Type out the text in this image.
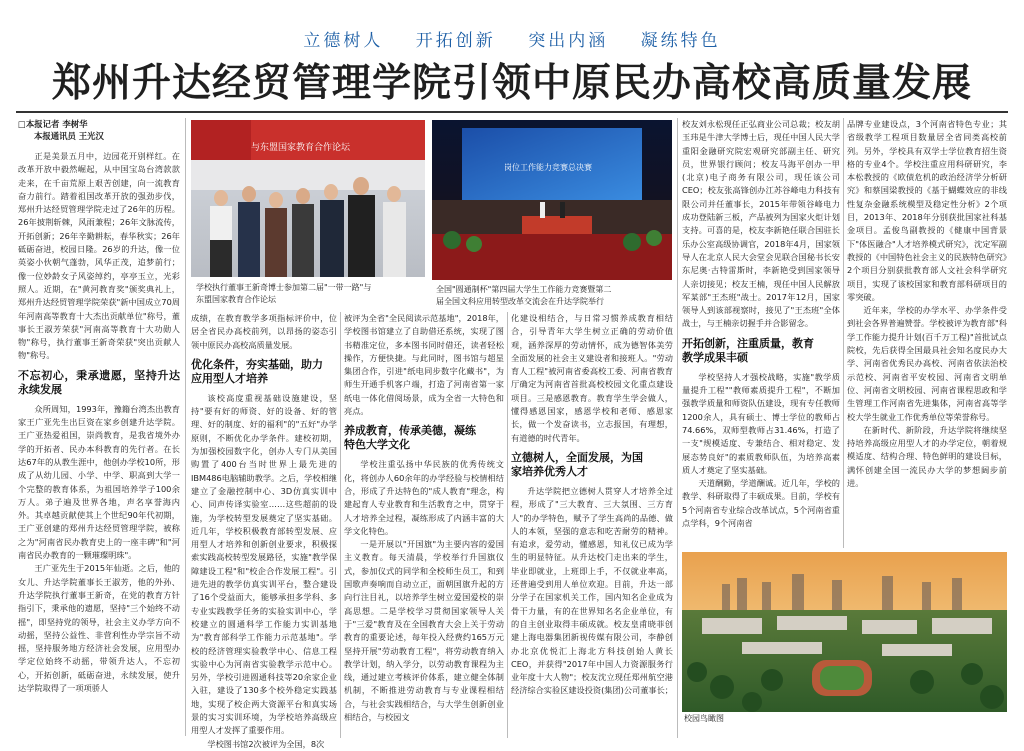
立德树人 开拓创新 突出内涵 凝练特色
郑州升达经贸管理学院引领中原民办高校高质量发展
□本报记者 李树华
本报通讯员 王光汉

正是美景五月中，边园花开别样红。在改革开放中毅然崛起，从中国宝岛台湾款款走来，在千亩荒原上艰苦创建，向一流教育奋力前行。踏着祖国改革开放的强劲步伐，郑州升达经贸管理学院走过了26年的历程。26年披荆斩棘，风雨兼程；26年文脉流传，开拓创新；26年辛勤耕耘，春华秋实；26年砥砺奋进，校园日隆。26岁的升达，像一位英姿小伙朝气蓬勃，风华正茂，追梦前行；像一位妙龄女子风姿绰约，亭亭玉立，光彩照人。近期，在"黄河教育奖"颁奖典礼上，郑州升达经贸管理学院荣获"新中国成立70周年河南高等教育十大杰出贡献单位"称号，董事长王淑芳荣获"河南高等教育十大功勋人物"称号，执行董事王新奇荣获"突出贡献人物"称号。

不忘初心，秉承遗愿，坚持升达永续发展

众所周知，1993年，豫籍台湾杰出教育家王广亚先生出巨资在家乡创建升达学院。王广亚热爱祖国，崇尚教育，是我省境外办学的开拓者、民办本科教育的先行者。在长达67年的从教生涯中，他创办学校10所，形成了从幼儿园、小学、中学、职高到大学一个完整的教育体系，为祖国培养学子100余万人。弟子遍及世界各地，声名享誉海内外。其卓越贡献使其上个世纪90年代初期，王广亚创建的郑州升达经贸管理学院，被称之为"河南省民办教育史上的一座丰碑"和"河南省民办教育的一颗璀璨明珠"。

王广亚先生于2015年仙逝。之后，他的女儿、升达学院董事长王淑芳，他的外孙、升达学院执行董事王新奇，在党的教育方针指引下，秉承他的遗愿，坚持"三个始终不动摇"，即坚持党的领导，社会主义办学方向不动摇，坚持公益性、非营利性办学宗旨不动摇，坚持服务地方经济社会发展，应用型办学定位始终不动摇，带领升达人，不忘初心，开拓创新，砥砺奋进，永续发展，使升达学院取得了一项项骄人

与东盟国家教育合作论坛
学校执行董事王新奇博士参加第二届"一带一路"与
东盟国家教育合作论坛
岗位工作能力竞赛总决赛
全国"圆通制杯"第四届大学生工作能力竞赛暨第二
届全国文科应用转型改革交流会在升达学院举行

成绩，在教育教学多项指标评价中，位居全省民办高校前列，以昂扬的姿态引领中原民办高校高质量发展。

优化条件，夯实基础，助力
应用型人才培养

该校高度重视基础设施建设，坚持"要有好的师资、好的设备、好的管理、好的制度、好的福利"的"五好"办学原则，不断优化办学条件。建校初期，为加强校园数字化，创办人专门从美国购置了400台当时世界上最先进的IBM486电脑辅助教学。之后，学校相继建立了金融控制中心、3D仿真实训中心、同声传译实验室……这些超前的设施，为学校转型发展奠定了坚实基础。近几年，学校积极教育部转型发展、应用型人才培养和创新创业要求，积极探索实践高校转型发展路径，实施"教学保障建设工程"和"校企合作发展工程"。引进先进的教学仿真实训平台，整合建设了16个受益面大，能够承担多学科、多专业实践教学任务的实验实训中心，学校建立的圆通科学工作能力实训基地为"教育部科学工作能力示范基地"。学校的经济管理实验教学中心、信息工程实验中心为河南省实验教学示范中心。另外，学校引进圆通科技等20余家企业入驻，建设了130多个校外稳定实践基地，实现了校企两大资源平台和真实场景的实习实训环境，为学校培养高级应用型人才发挥了重要作用。

学校图书馆2次被评为全国，8次

被评为全省"全民阅读示范基地"，2018年，学校图书馆建立了自助借还系统，实现了图书精准定位，多本图书同时借还，读者轻松操作，方便快捷。与此同时，图书馆与超星集团合作，引进"纸电同步数字化藏书"，为师生开通手机客户端，打造了河南省第一家纸电一体化借阅场景，成为全省一大特色和亮点。

养成教育，传承美德，凝练
特色大学文化

学校注重弘扬中华民族的优秀传统文化，将创办人60余年的办学经验与校情相结合，形成了升达特色的"成人教育"理念，构建起育人专业教育和生活教育之中，贯穿于人才培养全过程，凝练形成了内涵丰富的大学文化特色。

一是开展以"开国旗"为主要内容的爱国主义教育。每天清晨，学校举行升国旗仪式，参加仪式的同学和全校师生员工，和到国歌声奏响而自动立正，面朝国旗升起的方向行注目礼，以培养学生树立爱国爱校的崇高思想。二是学校学习贯彻国家领导人关于"三爱"教育及在全国教育大会上关于劳动教育的重要论述，每年投入经费约165万元坚持开展"劳动教育工程"，将劳动教育纳入教学计划，纳入学分，以劳动教育课程为主线，通过建立考核评价体系，建立健全体制机制，不断推进劳动教育与专业课程相结合，与社会实践相结合，与大学生创新创业相结合，与校园文

化建设相结合，与日常习惯养成教育相结合，引导青年大学生树立正确的劳动价值观，涵养深厚的劳动情怀，成为德智体美劳全面发展的社会主义建设者和接班人。"劳动育人工程"被河南省委高校工委、河南省教育厅确定为河南省首批高校校园文化重点建设项目。三是感恩教育。教育学生学会做人，懂得感恩国家，感恩学校和老师、感恩家长，做一个发奋读书，立志报国，有理想，有道德的时代青年。

立德树人，全面发展，为国
家培养优秀人才

升达学院把立德树人贯穿人才培养全过程，形成了"三大教育、三大氛围、三方育人"的办学特色，赋予了学生高尚的品德、做人的本领，坚强的意志和吃苦耐劳的精神。有追求，爱劳动，懂感恩，知礼仪已成为学生的明显特征。从升达校门走出来的学生，毕业即就业，上班即上手，不仅就业率高，还普遍受到用人单位欢迎。目前，升达一部分学子在国家机关工作，国内知名企业成为骨干力量，有的在世界知名名企业单位，有的自主创业取得丰硕成就。校友皇甫晓菲创建上海电器集团新视传媒有限公司，李静创办北京优悦汇上海北方科技创始人黄长CEO，并获得"2017年中国人力资源服务行业年度十大人物"；校友沈立现任郑州航空港经济综合实验区建设投资(集团)公司董事长；

校友刘永松现任正弘商业公司总裁；校友胡玉玮是牛津大学博士后，现任中国人民大学重阳金融研究院宏观研究部副主任、研究员，世界银行顾问；校友马海平创办一甲(北京)电子商务有限公司，现任该公司CEO；校友张高锋创办江苏谷峰电力科技有限公司并任董事长，2015年带领谷峰电力成功登陆新三板，产品被列为国家火炬计划支持。可喜的是，校友李新艳任联合国驻长乐办公室高级协调官，2018年4月，国家领导人在北京人民大会堂会见联合国秘书长安东尼奥·古特雷斯时，李新艳受到国家领导人亲切接见；校友王楠，现任中国人民解放军某部"王杰班"战士。2017年12月，国家领导人到该部视察时，接见了"王杰班"全体战士，与王楠亲切握手并合影留念。

开拓创新，注重质量，教育
教学成果丰硕

学校坚持人才强校战略，实施"教学质量提升工程""教师素质提升工程"，不断加强教学质量和师资队伍建设，现有专任教师1200余人，具有硕士、博士学位的教师占74.66%，双师型教师占31.46%，打造了一支"规模适度、专兼结合、相对稳定、发展态势良好"的素质教师队伍，为培养高素质人才奠定了坚实基础。

天道酬勤，学道酬诚。近几年，学校的教学、科研取得了丰硕成果。目前，学校有5个河南省专业综合改革试点，5个河南省重点学科，9个河南省

品牌专业建设点，3个河南省特色专业；其省级教学工程项目数量居全省同类高校前列。另外，学校具有双学士学位教育招生资格的专业4个。学校注重应用科研研究，李本松教授的《欧债危机的政治经济学分析研究》和蔡国梁教授的《基于蝴蝶效应的非线性复杂金融系统模型及稳定性分析》2个项目，2013年、2018年分别获批国家社科基金项目。孟俊鸟副教授的《健康中国背景下"体医融合"人才培养模式研究》，沈定军副教授的《中国特色社会主义的民族特色研究》2个项目分别获批教育部人文社会科学研究项目，实现了该校国家和教育部科研项目的零突破。

近年来，学校的办学水平、办学条件受到社会各界普遍赞誉。学校被评为教育部"科学工作能力提升计划(百千万工程)"首批试点院校，先后获得全国最具社会知名度民办大学、河南省优秀民办高校、河南省依法治校示范校、河南省平安校园、河南省文明单位、河南省文明校园、河南省课程思政和学生管理工作河南省先进集体，河南省高等学校大学生就业工作优秀单位等荣誉称号。

在新时代、新阶段，升达学院将继续坚持培养高级应用型人才的办学定位，朝着规模适度、结构合理、特色鲜明的建设目标，满怀创建全国一流民办大学的梦想阔步前进。

校园鸟瞰图
